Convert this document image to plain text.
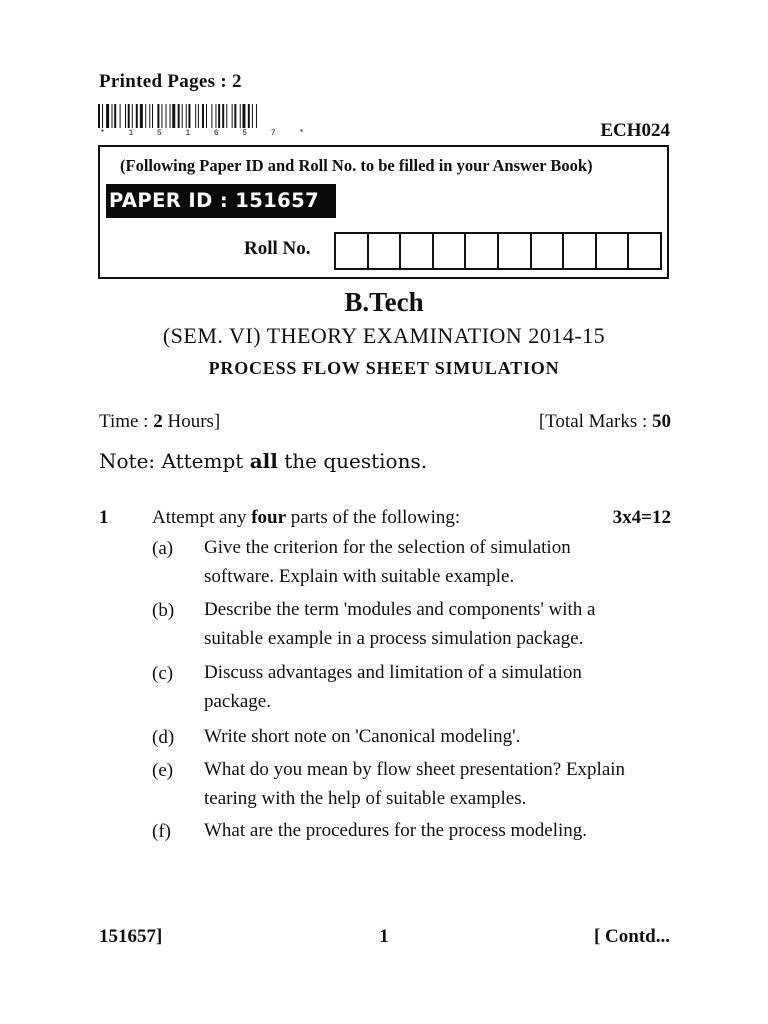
Printed Pages : 2
*	1	5	1	6	5	7	*	ECH024
(Following Paper ID and Roll No. to be filled in your Answer Book)
PAPER ID : 151657
Roll No.
B.Tech
(SEM. VI) THEORY EXAMINATION 2014-15
PROCESS FLOW SHEET SIMULATION
Time : 2 Hours]	[Total Marks : 50
Note: Attempt all the questions.
1 Attempt any four parts of the following:	3x4=12
(a) Give the criterion for the selection of simulation software. Explain with suitable example.
(b) Describe the term 'modules and components' with a suitable example in a process simulation package.
(c) Discuss advantages and limitation of a simulation package.
(d) Write short note on 'Canonical modeling'.
(e) What do you mean by flow sheet presentation? Explain tearing with the help of suitable examples.
(f) What are the procedures for the process modeling.
151657]	1	[ Contd...
